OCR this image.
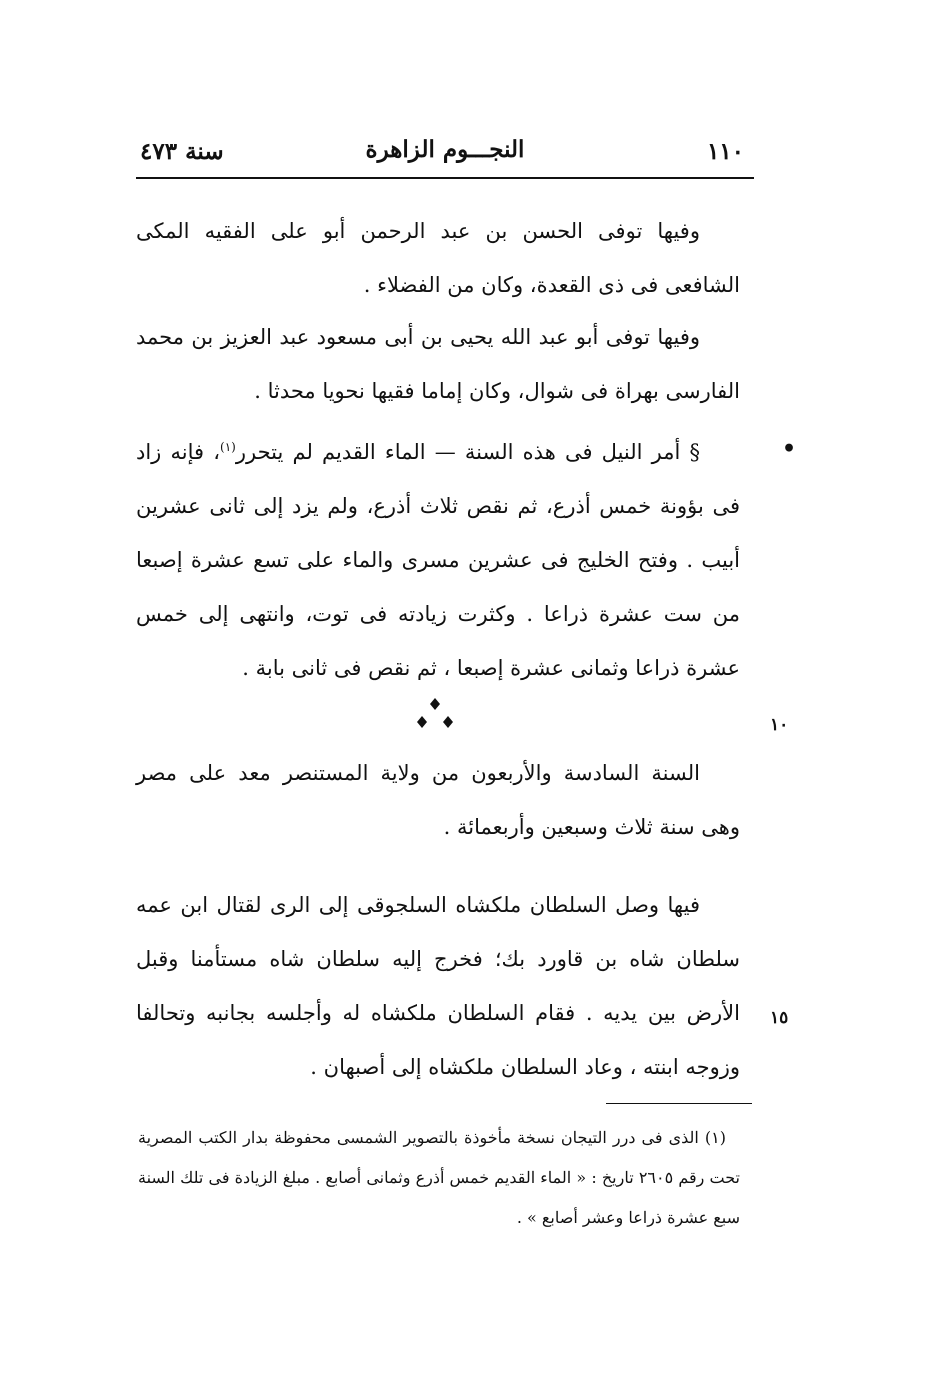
١١٠
النجـــوم الزاهرة
سنة ٤٧٣

وفيها توفى الحسن بن عبد الرحمن أبو على الفقيه المكى الشافعى فى ذى القعدة، وكان من الفضلاء .

وفيها توفى أبو عبد الله يحيى بن أبى مسعود عبد العزيز بن محمد الفارسى بهراة فى شوال، وكان إماما فقيها نحويا محدثا .

§ أمر النيل فى هذه السنة — الماء القديم لم يتحرر$^{(١)}$، فإنه زاد فى بؤونة خمس أذرع، ثم نقص ثلاث أذرع، ولم يزد إلى ثانى عشرين أبيب . وفتح الخليج فى عشرين مسرى والماء على تسع عشرة إصبعا من ست عشرة ذراعا . وكثرت زيادته فى توت، وانتهى إلى خمس عشرة ذراعا وثمانى عشرة إصبعا ، ثم نقص فى ثانى بابة .

السنة السادسة والأربعون من ولاية المستنصر معد على مصر وهى سنة ثلاث وسبعين وأربعمائة .

فيها وصل السلطان ملكشاه السلجوقى إلى الرى لقتال ابن عمه سلطان شاه بن قاورد بك؛ فخرج إليه سلطان شاه مستأمنا وقبل الأرض بين يديه . فقام السلطان ملكشاه له وأجلسه بجانبه وتحالفا وزوجه ابنته ، وعاد السلطان ملكشاه إلى أصبهان .

•
١٠
١٥

(١) الذى فى درر التيجان نسخة مأخوذة بالتصوير الشمسى محفوظة بدار الكتب المصرية تحت رقم ٢٦٠٥ تاريخ : « الماء القديم خمس أذرع وثمانى أصابع . مبلغ الزيادة فى تلك السنة سبع عشرة ذراعا وعشر أصابع » .
